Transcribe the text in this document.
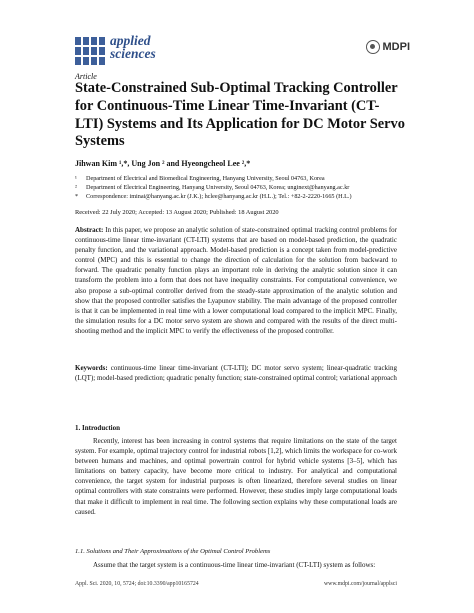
applied
sciences	MDPI
Article
State-Constrained Sub-Optimal Tracking Controller for Continuous-Time Linear Time-Invariant (CT-LTI) Systems and Its Application for DC Motor Servo Systems
Jihwan Kim ¹,*, Ung Jon ² and Hyeongcheol Lee ²,*
¹ Department of Electrical and Biomedical Engineering, Hanyang University, Seoul 04763, Korea
² Department of Electrical Engineering, Hanyang University, Seoul 04763, Korea; unginext@hanyang.ac.kr
* Correspondence: iminai@hanyang.ac.kr (J.K.); hclee@hanyang.ac.kr (H.L.); Tel.: +82-2-2220-1665 (H.L.)
Received: 22 July 2020; Accepted: 13 August 2020; Published: 18 August 2020

Abstract: In this paper, we propose an analytic solution of state-constrained optimal tracking control problems for continuous-time linear time-invariant (CT-LTI) systems that are based on model-based prediction, the quadratic penalty function, and the variational approach. Model-based prediction is a concept taken from model-predictive control (MPC) and this is essential to change the direction of calculation for the solution from backward to forward. The quadratic penalty function plays an important role in deriving the analytic solution since it can transform the problem into a form that does not have inequality constraints. For computational convenience, we also propose a sub-optimal controller derived from the steady-state approximation of the analytic solution and show that the proposed controller satisfies the Lyapunov stability. The main advantage of the proposed controller is that it can be implemented in real time with a lower computational load compared to the implicit MPC. Finally, the simulation results for a DC motor servo system are shown and compared with the results of the direct multi-shooting method and the implicit MPC to verify the effectiveness of the proposed controller.

Keywords: continuous-time linear time-invariant (CT-LTI); DC motor servo system; linear-quadratic tracking (LQT); model-based prediction; quadratic penalty function; state-constrained optimal control; variational approach

1. Introduction

Recently, interest has been increasing in control systems that require limitations on the state of the target system. For example, optimal trajectory control for industrial robots [1,2], which limits the workspace for co-work between humans and machines, and optimal powertrain control for hybrid vehicle systems [3–5], which has limitations on battery capacity, have become more critical to industry. For analytical and computational convenience, the target system for industrial purposes is often linearized, therefore several studies on linear optimal controllers with state constraints were performed. However, these studies imply large computational loads that make it difficult to implement in real time. The following section explains why these computational loads are caused.

1.1. Solutions and Their Approximations of the Optimal Control Problems

Assume that the target system is a continuous-time linear time-invariant (CT-LTI) system as follows:

Appl. Sci. 2020, 10, 5724; doi:10.3390/app10165724	www.mdpi.com/journal/applsci
